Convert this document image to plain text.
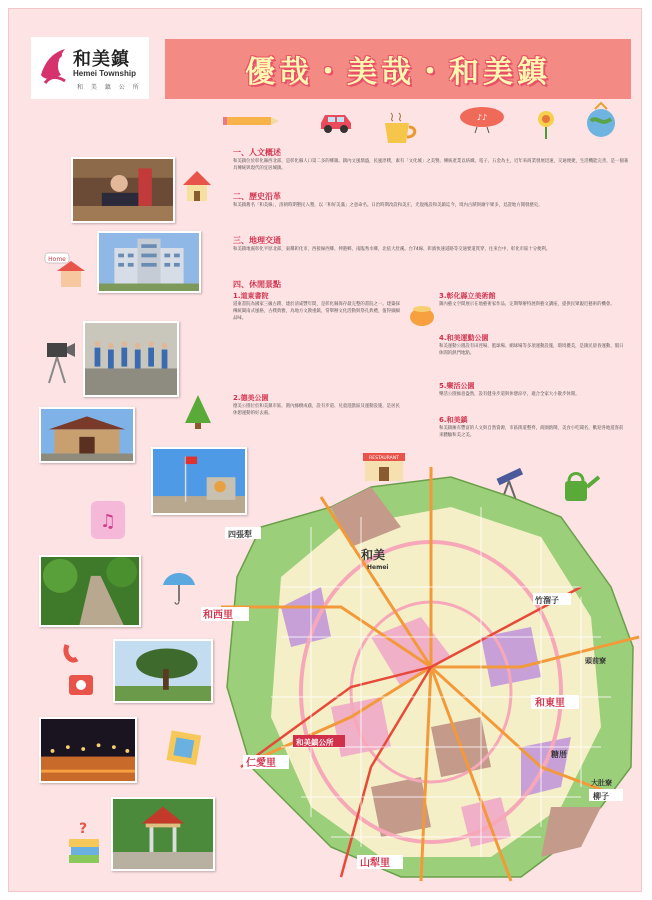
和美鎮
Hemei Township
和 美 鎮 公 所	優哉・美哉・和美鎮
♪♪
Home
♫
?
RESTAURANT
一、人文概述
和美鎮位於彰化縣西北部，是彰化縣人口第二多的鄉鎮。鎮內文風鼎盛，民風淳樸，素有「文化城」之美譽。傳統產業以紡織、電子、五金為主，近年來商業發展迅速，交通便捷，生活機能完善，是一個兼具傳統與現代的宜居城鎮。
二、歷史沿革
和美鎮舊名「和美線」，清朝時期墾民入墾，以「和好美滿」之意命名。日治時期改設和美庄，光復後設和美鎮迄今，境內古蹟與廟宇眾多，見證地方開發歷史。
三、地理交通
和美鎮地處彰化平原北部，東鄰彰化市，西接線西鄉、伸港鄉，南臨秀水鄉，北依大肚溪。台74線、彰濱快速道路等交通要道貫穿，往來台中、彰化市區十分便利。
四、休閒景點
1.道東書院
道東書院為國家三級古蹟，建於清咸豐年間，是彰化縣保存最完整的書院之一。建築採傳統閩南式風格，古樸典雅，為地方文教重鎮，常舉辦文化活動與祭孔典禮，值得細細品味。
2.德美公園
德美公園位於和美鎮市區，園內綠樹成蔭，設有步道、兒童遊戲區及運動設施，是居民休憩運動的好去處。
3.彰化縣立美術館
鎮內藝文空間展示在地藝術家作品，定期舉辦特展與藝文講座，提供民眾親近藝術的機會。
4.和美運動公園
和美運動公園設有田徑場、籃球場、網球場等多項運動設施，環境優美，是鎮民晨昏運動、假日休閒的熱門地點。
5.樂活公園
樂活公園綠意盎然，設有健身步道與休憩涼亭，適合全家大小散步休閒。
6.和美鎮
和美鎮擁有豐富的人文與自然資源，市區街道整齊，商圈熱鬧，美食小吃聞名，歡迎各地遊客前來體驗和美之美。
和美
Hemei
四張犁
和西里
和東里
仁愛里
山犁里
竹溜子
頭前寮
糖厝
大肚寮
柳子
和美鎮公所
